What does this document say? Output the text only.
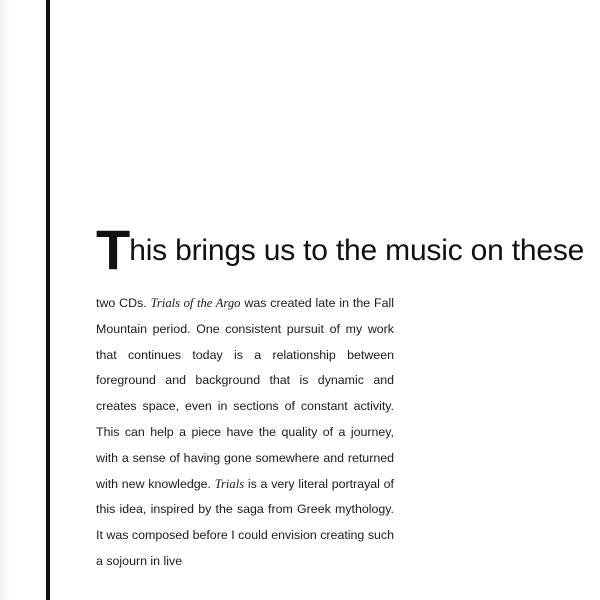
This brings us to the music on these

two CDs. Trials of the Argo was created late in the Fall Mountain period. One consistent pursuit of my work that continues today is a relationship between foreground and background that is dynamic and creates space, even in sections of constant activity. This can help a piece have the quality of a journey, with a sense of having gone somewhere and returned with new knowledge. Trials is a very literal portrayal of this idea, inspired by the saga from Greek mythology. It was composed before I could envision creating such a sojourn in live
